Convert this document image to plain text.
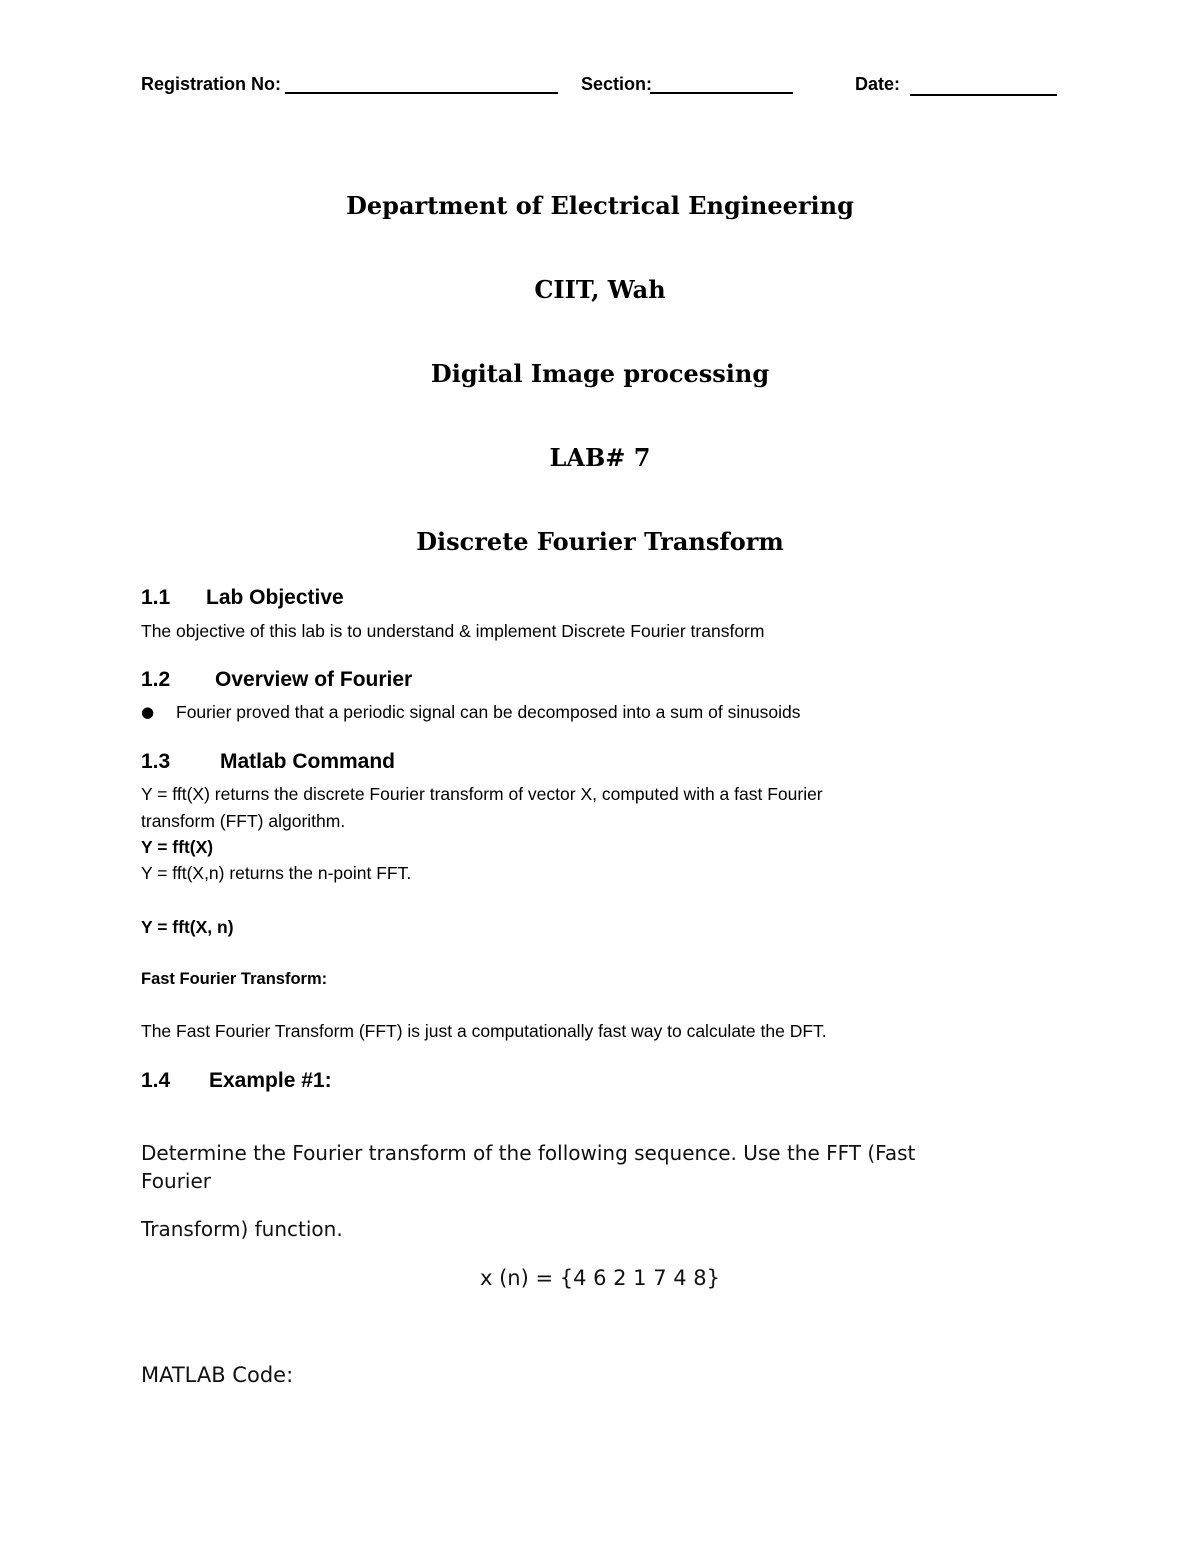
Registration No:	Section:	Date:
Department of Electrical Engineering
CIIT, Wah
Digital Image processing
LAB# 7
Discrete Fourier Transform
1.1 Lab Objective
The objective of this lab is to understand & implement Discrete Fourier transform
1.2 Overview of Fourier
● Fourier proved that a periodic signal can be decomposed into a sum of sinusoids
1.3 Matlab Command
Y = fft(X) returns the discrete Fourier transform of vector X, computed with a fast Fourier
transform (FFT) algorithm.
Y = fft(X)
Y = fft(X,n) returns the n-point FFT.
Y = fft(X, n)
Fast Fourier Transform:
The Fast Fourier Transform (FFT) is just a computationally fast way to calculate the DFT.
1.4 Example #1:
Determine the Fourier transform of the following sequence. Use the FFT (Fast
Fourier
Transform) function.
x (n) = {4 6 2 1 7 4 8}
MATLAB Code:
